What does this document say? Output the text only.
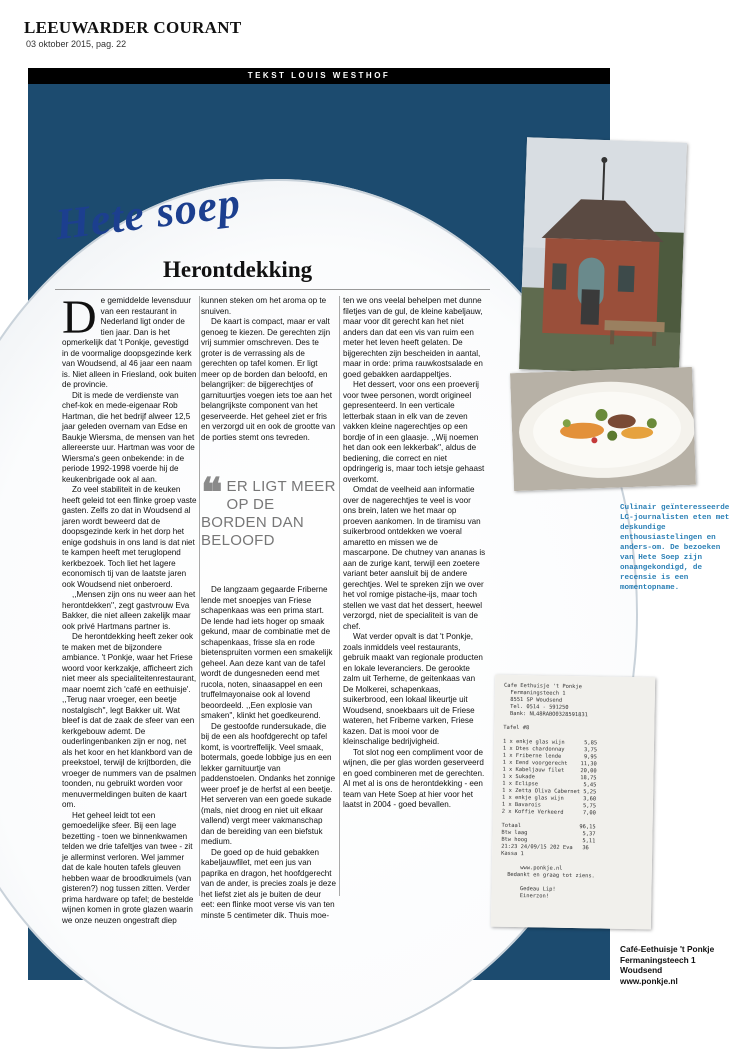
LEEUWARDER COURANT
03 oktober 2015, pag. 22
TEKST LOUIS WESTHOF
Hete soep
Herontdekking
D e gemiddelde levensduur van een restaurant in Nederland ligt onder de tien jaar. Dan is het opmerkelijk dat 't Ponkje, gevestigd in de voormalige doopsgezinde kerk van Woudsend, al 46 jaar een naam is. Niet alleen in Friesland, ook buiten de provincie.

Dit is mede de verdienste van chef-kok en mede-eigenaar Rob Hartman, die het bedrijf alweer 12,5 jaar geleden overnam van Edse en Baukje Wiersma, de mensen van het allereerste uur. Hartman was voor de Wiersma's geen onbekende: in de periode 1992-1998 voerde hij de keukenbrigade ook al aan.

Zo veel stabiliteit in de keuken heeft geleid tot een flinke groep vaste gasten. Zelfs zo dat in Woudsend al jaren wordt beweerd dat de doopsgezinde kerk in het dorp het enige godshuis in ons land is dat niet te kampen heeft met teruglopend kerkbezoek. Toch liet het lagere economisch tij van de laatste jaren ook Woudsend niet onberoerd.

,,Mensen zijn ons nu weer aan het herontdekken'', zegt gastvrouw Eva Bakker, die niet alleen zakelijk maar ook privé Hartmans partner is.

De herontdekking heeft zeker ook te maken met de bijzondere ambiance. 't Ponkje, waar het Friese woord voor kerkzakje, afficheert zich niet meer als specialiteitenrestaurant, maar noemt zich 'café en eethuisje'. ,,Terug naar vroeger, een beetje nostalgisch'', legt Bakker uit. Wat bleef is dat de zaak de sfeer van een kerkgebouw ademt. De ouderlingenbanken zijn er nog, net als het koor en het klankbord van de preekstoel, terwijl de krijtborden, die vroeger de nummers van de psalmen toonden, nu gebruikt worden voor menuvermeldingen buiten de kaart om.

Het geheel leidt tot een gemoedelijke sfeer. Bij een lage bezetting - toen we binnenkwamen telden we drie tafeltjes van twee - zit je allerminst verloren. Wel jammer dat de kale houten tafels gleuven hebben waar de broodkruimels (van gisteren?) nog tussen zitten. Verder prima hardware op tafel; de bestelde wijnen komen in grote glazen waarin we onze neuzen ongestraft diep

kunnen steken om het aroma op te snuiven.

De kaart is compact, maar er valt genoeg te kiezen. De gerechten zijn vrij summier omschreven. Des te groter is de verrassing als de gerechten op tafel komen. Er ligt meer op de borden dan beloofd, en belangrijker: de bijgerechtjes of garnituurtjes voegen iets toe aan het belangrijkste component van het geserveerde. Het geheel ziet er fris en verzorgd uit en ook de grootte van de porties stemt ons tevreden.

❝ ER LIGT MEER OP DE BORDEN DAN BELOOFD

De langzaam gegaarde Friberne lende met snoepjes van Friese schapenkaas was een prima start. De lende had iets hoger op smaak gekund, maar de combinatie met de schapenkaas, frisse sla en rode bietenspruiten vormen een smakelijk geheel. Aan deze kant van de tafel wordt de dungesneden eend met rucola, noten, sinaasappel en een truffelmayonaise ook al lovend beoordeeld. ,,Een explosie van smaken'', klinkt het goedkeurend.

De gestoofde rundersukade, die bij de een als hoofdgerecht op tafel komt, is voortreffelijk. Veel smaak, botermals, goede lobbige jus en een lekker garnituurtje van paddenstoelen. Ondanks het zonnige weer proef je de herfst al een beetje. Het serveren van een goede sukade (mals, niet droog en niet uit elkaar vallend) vergt meer vakmanschap dan de bereiding van een biefstuk medium.

De goed op de huid gebakken kabeljauwfilet, met een jus van paprika en dragon, het hoofdgerecht van de ander, is precies zoals je deze het liefst ziet als je buiten de deur eet: een flinke moot verse vis van ten minste 5 centimeter dik. Thuis moe-

ten we ons veelal behelpen met dunne filetjes van de gul, de kleine kabeljauw, maar voor dit gerecht kan het niet anders dan dat een vis van ruim een meter het leven heeft gelaten. De bijgerechten zijn bescheiden in aantal, maar in orde: prima rauwkostsalade en goed gebakken aardappeltjes.

Het dessert, voor ons een proeverij voor twee personen, wordt origineel gepresenteerd. In een verticale letterbak staan in elk van de zeven vakken kleine nagerechtjes op een bordje of in een glaasje. ,,Wij noemen het dan ook een lekkerbak'', aldus de bediening, die correct en niet opdringerig is, maar toch ietsje gehaast overkomt.

Omdat de veelheid aan informatie over de nagerechtjes te veel is voor ons brein, laten we het maar op proeven aankomen. In de tiramisu van suikerbrood ontdekken we voeral amaretto en missen we de mascarpone. De chutney van ananas is aan de zurige kant, terwijl een zoetere variant beter aansluit bij de andere gerechtjes. Wel te spreken zijn we over het vol romige pistache-ijs, maar toch stellen we vast dat het dessert, heewel verzorgd, niet de specialiteit is van de chef.

Wat verder opvalt is dat 't Ponkje, zoals inmiddels veel restaurants, gebruik maakt van regionale producten en lokale leveranciers. De gerookte zalm uit Terherne, de geitenkaas van De Molkerei, schapenkaas, suikerbrood, een lokaal likeurtje uit Woudsend, snoekbaars uit de Friese wateren, het Friberne varken, Friese kazen. Dat is mooi voor de kleinschalige bedrijvigheid.

Tot slot nog een compliment voor de wijnen, die per glas worden geserveerd en goed combineren met de gerechten. Al met al is ons de herontdekking - een team van Hete Soep at hier voor het laatst in 2004 - goed bevallen.

Cafe Eethuisje 't Ponkje
Fermaningsteech 1
8551 SP Woudsend
Tel. 0514 - 591250
Bank: NL48RABO0328591831

Tafel #8

1 x enkje glas wijn      5,85
1 x Dtes chardonnay      3,75
1 x Friberne lende       9,95
1 x Eend voorgerecht    11,30
1 x Kabeljauw filet     20,00
1 x Sukade              18,75
1 x Eclipse              5,45
1 x Zetta Oliva Cabernet 5,25
1 x enkje glas wijn      3,60
1 x Bavarois             5,75
2 x Koffie Verkeerd      7,00

Totaal                  96,15
Btw laag                 5,37
Btw hoog                 5,11
21:23 24/09/15 202 Eva   36
Kassa 1

www.ponkje.nl
Bedankt en graag tot ziens.

Gedeau Lip!
Einerzon!
Culinair geïnteresseerde LC-journalisten eten met deskundige enthousiastelingen en anders-om. De bezoeken van Hete Soep zijn onaangekondigd, de recensie is een momentopname.
Café-Eethuisje 't Ponkje
Fermaningsteech 1
Woudsend
www.ponkje.nl
